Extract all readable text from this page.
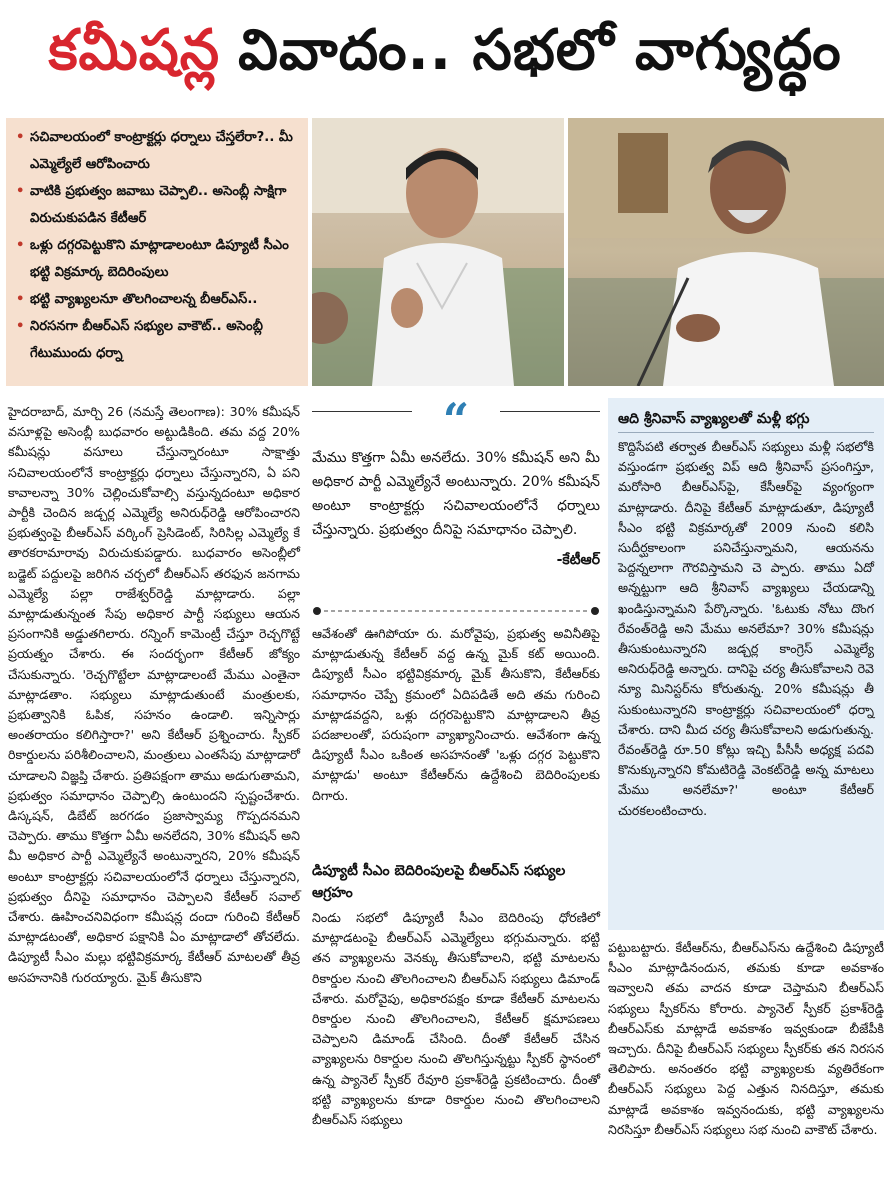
కమీషన్ల వివాదం.. సభలో వాగ్యుద్ధం
• సచివాలయంలో కాంట్రాక్టర్లు ధర్నాలు చేస్తలేరా?.. మీ ఎమ్మెల్యేలే ఆరోపించారు
• వాటికి ప్రభుత్వం జవాబు చెప్పాలి.. అసెంబ్లీ సాక్షిగా విరుచుకుపడిన కేటీఆర్
• ఒళ్లు దగ్గరపెట్టుకొని మాట్లాడాలంటూ డిప్యూటీ సీఎం భట్టి విక్రమార్క బెదిరింపులు
• భట్టి వ్యాఖ్యలనూ తొలగించాలన్న బీఆర్ఎస్..
• నిరసనగా బీఆర్ఎస్ సభ్యుల వాకౌట్.. అసెంబ్లీ గేటుముందు ధర్నా
హైదరాబాద్, మార్చి 26 (నమస్తే తెలంగాణ): 30% కమీషన్ వసూళ్లపై అసెంబ్లీ బుధవారం అట్టుడికింది. తమ వద్ద 20% కమీషన్లు వసూలు చేస్తున్నారంటూ సాక్షాత్తు సచివాలయంలోనే కాంట్రాక్టర్లు ధర్నాలు చేస్తున్నారని, ఏ పని కావాలన్నా 30% చెల్లించుకోవాల్సి వస్తున్నదంటూ అధికార పార్టీకి చెందిన జడ్చర్ల ఎమ్మెల్యే అనిరుధ్‌రెడ్డి ఆరోపించారని ప్రభుత్వంపై బీఆర్ఎస్ వర్కింగ్ ప్రెసిడెంట్, సిరిసిల్ల ఎమ్మెల్యే కే తారకరామారావు విరుచుకుపడ్డారు. బుధవారం అసెంబ్లీలో బడ్జెట్ పద్దులపై జరిగిన చర్చలో బీఆర్ఎస్ తరఫున జనగామ ఎమ్మెల్యే పల్లా రాజేశ్వర్‌రెడ్డి మాట్లాడారు. పల్లా మాట్లాడుతున్నంత సేపు అధికార పార్టీ సభ్యులు ఆయన ప్రసంగానికి అడ్డుతగిలారు. రన్నింగ్ కామెంట్రీ చేస్తూ రెచ్చగొట్టే ప్రయత్నం చేశారు. ఈ సందర్భంగా కేటీఆర్ జోక్యం చేసుకున్నారు. 'రెచ్చగొట్టేలా మాట్లాడాలంటే మేము ఎంతైనా మాట్లాడతాం. సభ్యులు మాట్లాడుతుంటే మంత్రులకు, ప్రభుత్వానికి ఓపిక, సహనం ఉండాలి. ఇన్నిసార్లు అంతరాయం కలిగిస్తారా?' అని కేటీఆర్ ప్రశ్నించారు. స్పీకర్ రికార్డులను పరిశీలించాలని, మంత్రులు ఎంతసేపు మాట్లాడారో చూడాలని విజ్ఞప్తి చేశారు. ప్రతిపక్షంగా తాము అడుగుతామని, ప్రభుత్వం సమాధానం చెప్పాల్సి ఉంటుందని స్పష్టంచేశారు. డిస్కషన్, డిబేట్ జరగడం ప్రజాస్వామ్య గొప్పదనమని చెప్పారు. తాము కొత్తగా ఏమీ అనలేదని, 30% కమీషన్ అని మీ అధికార పార్టీ ఎమ్మెల్యేనే అంటున్నారని, 20% కమీషన్ అంటూ కాంట్రాక్టర్లు సచివాలయంలోనే ధర్నాలు చేస్తున్నారని, ప్రభుత్వం దీనిపై సమాధానం చెప్పాలని కేటీఆర్ సవాల్ చేశారు. ఊహించనివిధంగా కమీషన్ల దందా గురించి కేటీఆర్ మాట్లాడటంతో, అధికార పక్షానికి ఏం మాట్లాడాలో తోచలేదు. డిప్యూటీ సీఎం మల్లు భట్టివిక్రమార్క కేటీఆర్ మాటలతో తీవ్ర అసహనానికి గురయ్యారు. మైక్ తీసుకొని
“
మేము కొత్తగా ఏమీ అనలేదు. 30% కమీషన్ అని మీ అధికార పార్టీ ఎమ్మెల్యేనే అంటున్నారు. 20% కమీషన్ అంటూ కాంట్రాక్టర్లు సచివాలయంలోనే ధర్నాలు చేస్తున్నారు. ప్రభుత్వం దీనిపై సమాధానం చెప్పాలి.
-కేటీఆర్
ఆవేశంతో ఊగిపోయా రు. మరోవైపు, ప్రభుత్వ అవినీతిపై మాట్లాడుతున్న కేటీఆర్ వద్ద ఉన్న మైక్ కట్ అయింది. డిప్యూటీ సీఎం భట్టివిక్రమార్క మైక్ తీసుకొని, కేటీఆర్‌కు సమాధానం చెప్పే క్రమంలో ఏదిపడితే అది తమ గురించి మాట్లాడవద్దని, ఒళ్లు దగ్గరపెట్టుకొని మాట్లాడాలని తీవ్ర పదజాలంతో, పరుషంగా వ్యాఖ్యానించారు. ఆవేశంగా ఉన్న డిప్యూటీ సీఎం ఒకింత అసహనంతో 'ఒళ్లు దగ్గర పెట్టుకొని మాట్లాడు' అంటూ కేటీఆర్‌ను ఉద్దేశించి బెదిరింపులకు దిగారు.
డిప్యూటీ సీఎం బెదిరింపులపై బీఆర్ఎస్ సభ్యుల ఆగ్రహం
నిండు సభలో డిప్యూటీ సీఎం బెదిరింపు ధోరణిలో మాట్లాడటంపై బీఆర్ఎస్ ఎమ్మెల్యేలు భగ్గుమన్నారు. భట్టి తన వ్యాఖ్యలను వెనక్కు తీసుకోవాలని, భట్టి మాటలను రికార్డుల నుంచి తొలగించాలని బీఆర్ఎస్ సభ్యులు డిమాండ్ చేశారు. మరోవైపు, అధికారపక్షం కూడా కేటీఆర్ మాటలను రికార్డుల నుంచి తొలగించాలని, కేటీఆర్ క్షమాపణలు చెప్పాలని డిమాండ్ చేసింది. దీంతో కేటీఆర్ చేసిన వ్యాఖ్యలను రికార్డుల నుంచి తొలగిస్తున్నట్టు స్పీకర్ స్థానంలో ఉన్న ప్యానెల్ స్పీకర్ రేవూరి ప్రకాశ్‌రెడ్డి ప్రకటించారు. దీంతో భట్టి వ్యాఖ్యలను కూడా రికార్డుల నుంచి తొలగించాలని బీఆర్ఎస్ సభ్యులు
ఆది శ్రీనివాస్ వ్యాఖ్యలతో మళ్లీ భగ్గు
కొద్దిసేపటి తర్వాత బీఆర్ఎస్ సభ్యులు మళ్లీ సభలోకి వస్తుండగా ప్రభుత్వ విప్ ఆది శ్రీనివాస్ ప్రసంగిస్తూ, మరోసారి బీఆర్ఎస్‌పై, కేసీఆర్‌పై వ్యంగ్యంగా మాట్లాడారు. దీనిపై కేటీఆర్ మాట్లాడుతూ, డిప్యూటీ సీఎం భట్టి విక్రమార్కతో 2009 నుంచి కలిసి సుదీర్ఘకాలంగా పనిచేస్తున్నామని, ఆయనను పెద్దన్నలాగా గౌరవిస్తామని చె ప్పారు. తాము ఏదో అన్నట్టుగా ఆది శ్రీనివాస్ వ్యాఖ్యలు చేయడాన్ని ఖండిస్తున్నామని పేర్కొన్నారు. 'ఓటుకు నోటు దొంగ రేవంత్‌రెడ్డి అని మేము అనలేమా? 30% కమీషన్లు తీసుకుంటున్నారని జడ్చర్ల కాంగ్రెస్ ఎమ్మెల్యే అనిరుధ్‌రెడ్డి అన్నారు. దానిపై చర్య తీసుకోవాలని రెవె న్యూ మినిస్టర్‌ను కోరుతున్న. 20% కమీషన్లు తీ సుకుంటున్నారని కాంట్రాక్టర్లు సచివాలయంలో ధర్నా చేశారు. దాని మీద చర్య తీసుకోవాలని అడుగుతున్న. రేవంత్‌రెడ్డి రూ.50 కోట్లు ఇచ్చి పీసీసీ అధ్యక్ష పదవి కొనుక్కున్నారని కోమటిరెడ్డి వెంకట్‌రెడ్డి అన్న మాటలు మేము అనలేమా?' అంటూ కేటీఆర్ చురకలంటించారు.
పట్టుబట్టారు. కేటీఆర్‌ను, బీఆర్ఎస్‌ను ఉద్దేశించి డిప్యూటీ సీఎం మాట్లాడినందున, తమకు కూడా అవకాశం ఇవ్వాలని తమ వాదన కూడా చెప్తామని బీఆర్ఎస్ సభ్యులు స్పీకర్‌ను కోరారు. ప్యానెల్ స్పీకర్ ప్రకాశ్‌రెడ్డి బీఆర్ఎస్‌కు మాట్లాడే అవకాశం ఇవ్వకుండా బీజేపీకి ఇచ్చారు. దీనిపై బీఆర్ఎస్ సభ్యులు స్పీకర్‌కు తన నిరసన తెలిపారు. అనంతరం భట్టి వ్యాఖ్యలకు వ్యతిరేకంగా బీఆర్ఎస్ సభ్యులు పెద్ద ఎత్తున నినదిస్తూ, తమకు మాట్లాడే అవకాశం ఇవ్వనందుకు, భట్టి వ్యాఖ్యలను నిరసిస్తూ బీఆర్ఎస్ సభ్యులు సభ నుంచి వాకౌట్ చేశారు.
